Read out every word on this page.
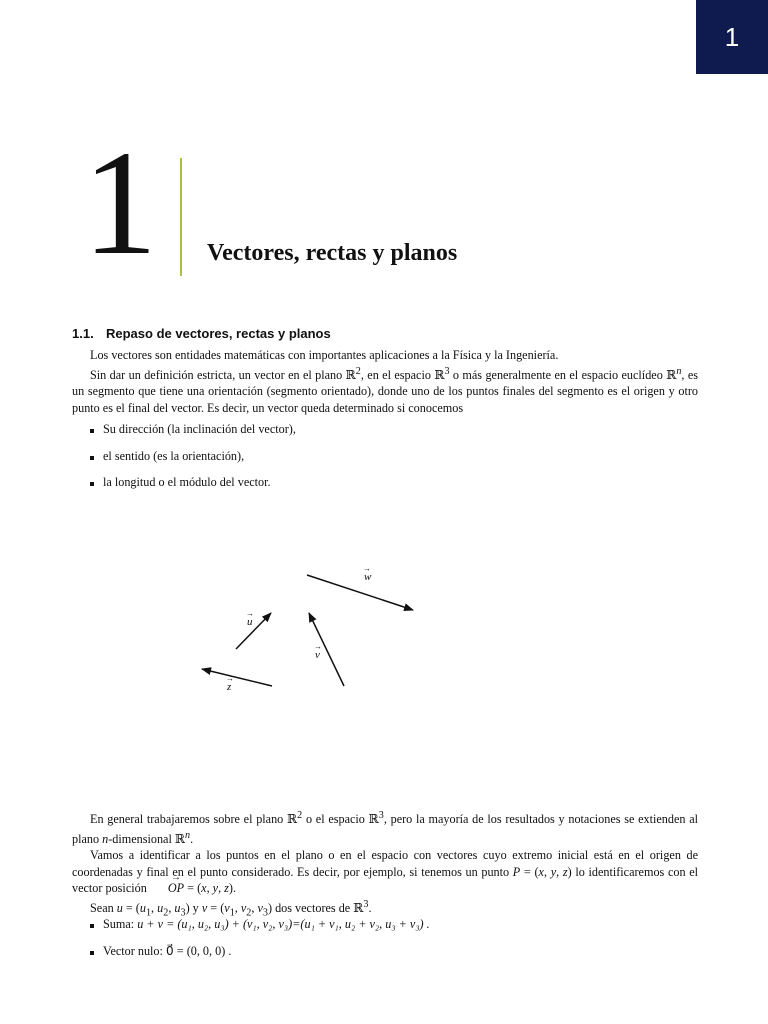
1
1 Vectores, rectas y planos
1.1. Repaso de vectores, rectas y planos

Los vectores son entidades matemáticas con importantes aplicaciones a la Física y la Ingeniería.

Sin dar un definición estricta, un vector en el plano ℝ$^2$, en el espacio ℝ$^3$ o más generalmente en el espacio euclídeo ℝ$^n$, es un segmento que tiene una orientación (segmento orientado), donde uno de los puntos finales del segmento es el origen y otro punto es el final del vector. Es decir, un vector queda determinado si conocemos

Su dirección (la inclinación del vector),
el sentido (es la orientación),
la longitud o el módulo del vector.
w
→
u
→
v
→
z
→

En general trabajaremos sobre el plano ℝ$^2$ o el espacio ℝ$^3$, pero la mayoría de los resultados y notaciones se extienden al plano n-dimensional ℝ$^n$.

Vamos a identificar a los puntos en el plano o en el espacio con vectores cuyo extremo inicial está en el origen de coordenadas y final en el punto considerado. Es decir, por ejemplo, si tenemos un punto P = (x, y, z) lo identificaremos con el vector posición → OP = (x, y, z).

Sean $u = (u_1$, $u_2$, $u_3$) y $v = (v_1$, $v_2$, $v_3$) dos vectores de ℝ$^3$.

Suma: u + v = (u₁, u₂, u₃) + (v₁, v₂, v₃)=(u₁ + v₁, u₂ + v₂, u₃ + v₃) .
Vector nulo: 0⃗ = (0, 0, 0) .
